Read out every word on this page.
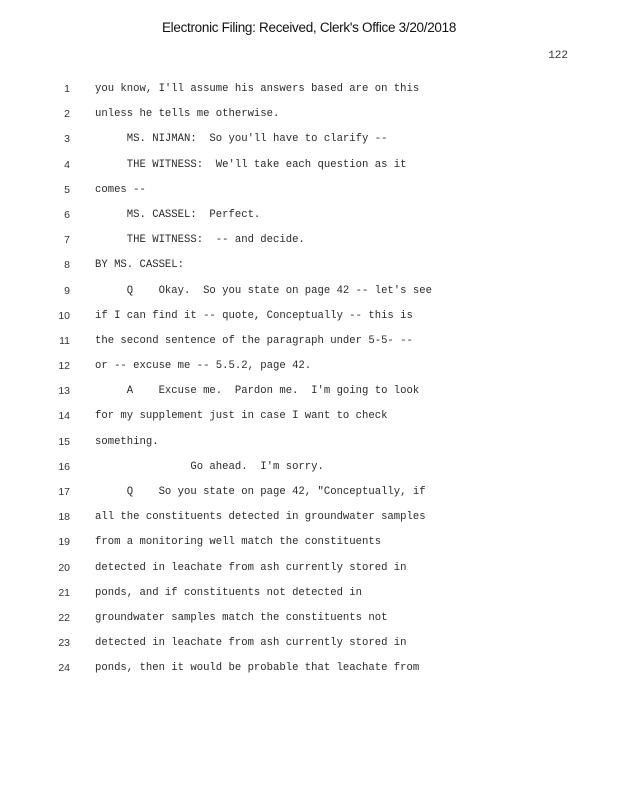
Electronic Filing: Received, Clerk's Office 3/20/2018
122
1 you know, I'll assume his answers based are on this
2 unless he tells me otherwise.
3 MS. NIJMAN:  So you'll have to clarify --
4 THE WITNESS:  We'll take each question as it
5 comes --
6 MS. CASSEL:  Perfect.
7 THE WITNESS:  -- and decide.
8 BY MS. CASSEL:
9 Q    Okay.  So you state on page 42 -- let's see
10 if I can find it -- quote, Conceptually -- this is
11 the second sentence of the paragraph under 5-5- --
12 or -- excuse me -- 5.5.2, page 42.
13 A    Excuse me.  Pardon me.  I'm going to look
14 for my supplement just in case I want to check
15 something.
16 Go ahead.  I'm sorry.
17 Q    So you state on page 42, "Conceptually, if
18 all the constituents detected in groundwater samples
19 from a monitoring well match the constituents
20 detected in leachate from ash currently stored in
21 ponds, and if constituents not detected in
22 groundwater samples match the constituents not
23 detected in leachate from ash currently stored in
24 ponds, then it would be probable that leachate from
